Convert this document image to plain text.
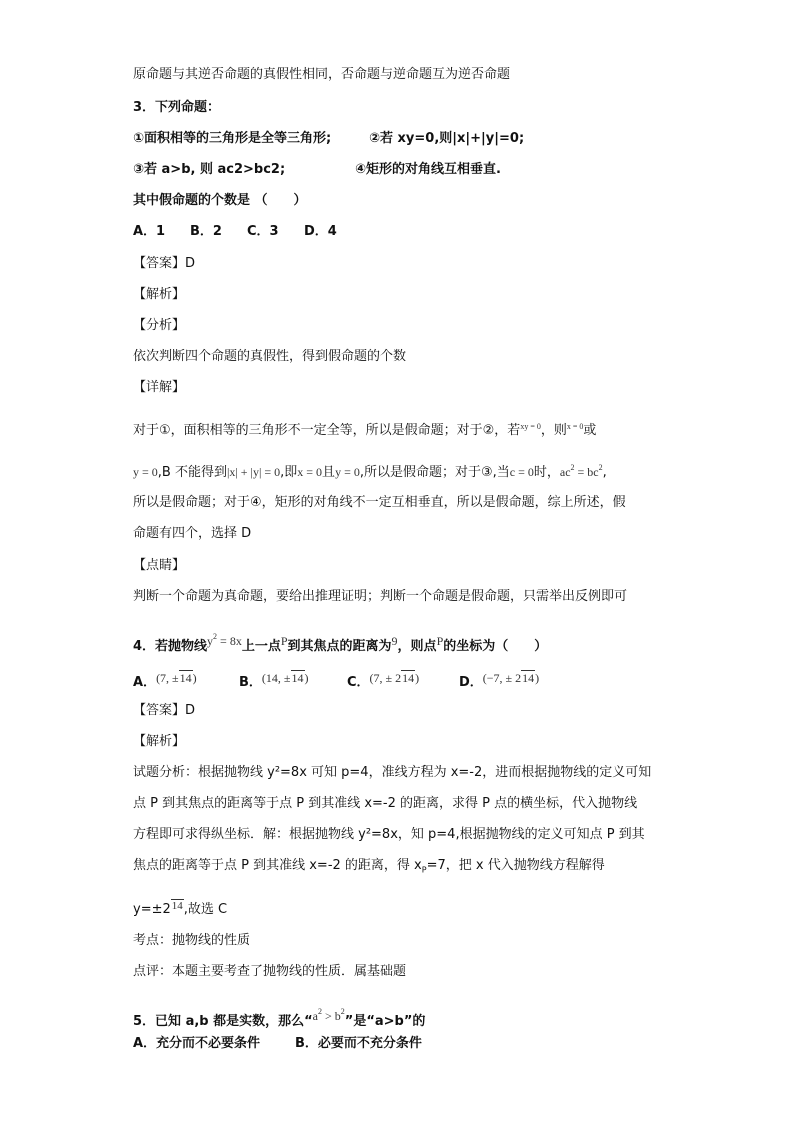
原命题与其逆否命题的真假性相同，否命题与逆命题互为逆否命题
3．下列命题：
①面积相等的三角形是全等三角形;	②若 xy=0,则|x|+|y|=0;
③若 a>b, 则 ac2>bc2;	④矩形的对角线互相垂直.
其中假命题的个数是 （　　）
A．1 B．2 C．3 D．4
【答案】D
【解析】
【分析】
依次判断四个命题的真假性，得到假命题的个数
【详解】
对于①，面积相等的三角形不一定全等，所以是假命题；对于②，若$^{xy = 0}$，则$^{x = 0}$或
y = 0,B 不能得到|x| + |y| = 0,即x = 0且y = 0,所以是假命题；对于③,当c = 0时，$ac^2 = bc^2$,
所以是假命题；对于④，矩形的对角线不一定互相垂直，所以是假命题，综上所述，假
命题有四个，选择 D
【点睛】
判断一个命题为真命题，要给出推理证明；判断一个命题是假命题，只需举出反例即可
4．若抛物线$y^2 = 8x$上一点P到其焦点的距离为9，则点P的坐标为（　　）
A．(7, ±14)	B．(14, ±14)	C．(7, ± 214)	D．(−7, ± 214)
【答案】D
【解析】
试题分析：根据抛物线 y²=8x 可知 p=4，准线方程为 x=-2，进而根据抛物线的定义可知
点 P 到其焦点的距离等于点 P 到其准线 x=-2 的距离，求得 P 点的横坐标，代入抛物线
方程即可求得纵坐标．解：根据抛物线 y²=8x，知 p=4,根据抛物线的定义可知点 P 到其
焦点的距离等于点 P 到其准线 x=-2 的距离，得 $x_P=7$，把 x 代入抛物线方程解得
$y=\pm 2^{14}$,故选 C
考点：抛物线的性质
点评：本题主要考查了抛物线的性质．属基础题
5．已知 a,b 都是实数，那么“$a^2 > b^2$”是“a>b”的
A．充分而不必要条件	B．必要而不充分条件
